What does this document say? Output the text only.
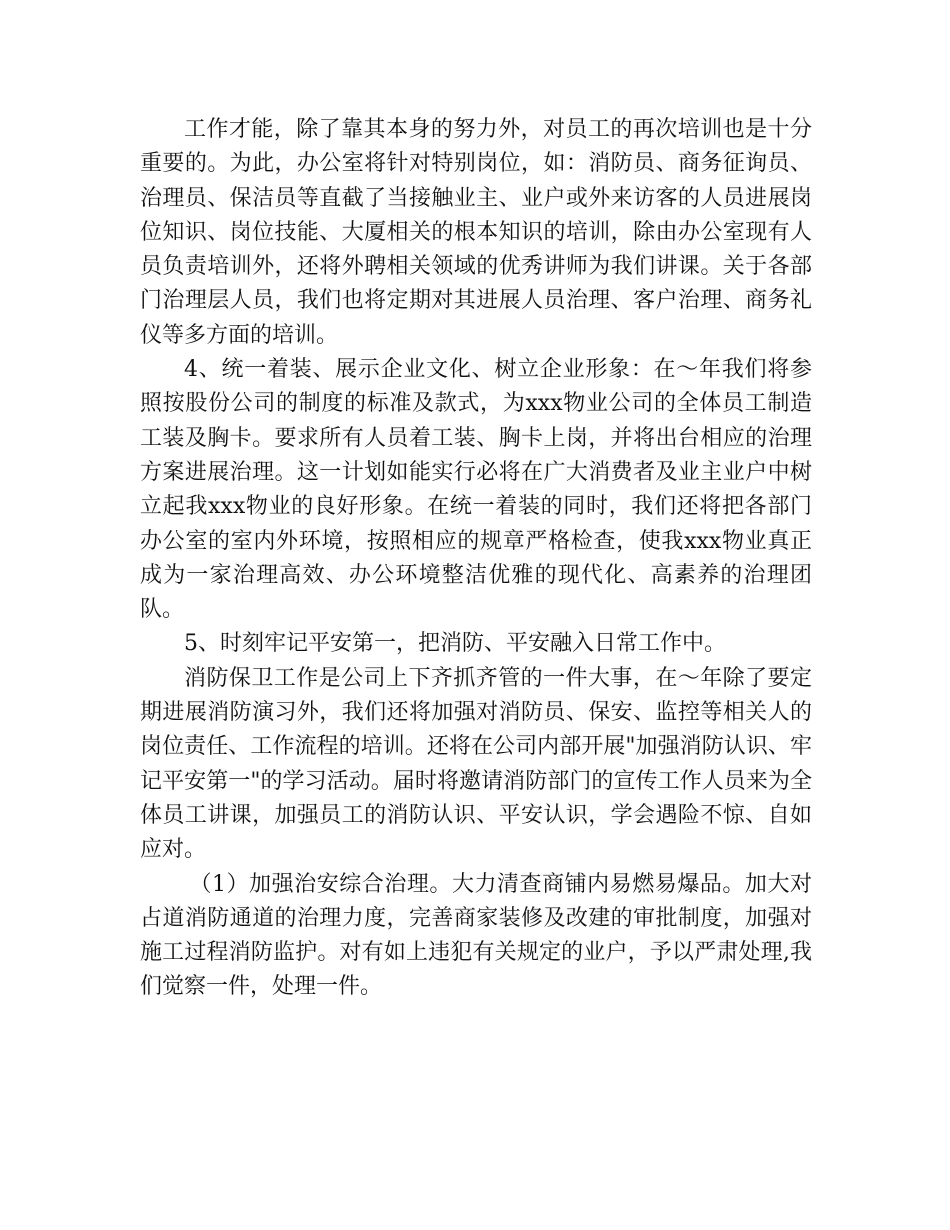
工作才能，除了靠其本身的努力外，对员工的再次培训也是十分重要的。为此，办公室将针对特别岗位，如：消防员、商务征询员、治理员、保洁员等直截了当接触业主、业户或外来访客的人员进展岗位知识、岗位技能、大厦相关的根本知识的培训，除由办公室现有人员负责培训外，还将外聘相关领域的优秀讲师为我们讲课。关于各部门治理层人员，我们也将定期对其进展人员治理、客户治理、商务礼仪等多方面的培训。

4、统一着装、展示企业文化、树立企业形象：在～年我们将参照按股份公司的制度的标准及款式，为xxx物业公司的全体员工制造工装及胸卡。要求所有人员着工装、胸卡上岗，并将出台相应的治理方案进展治理。这一计划如能实行必将在广大消费者及业主业户中树立起我xxx物业的良好形象。在统一着装的同时，我们还将把各部门办公室的室内外环境，按照相应的规章严格检查，使我xxx物业真正成为一家治理高效、办公环境整洁优雅的现代化、高素养的治理团队。

5、时刻牢记平安第一，把消防、平安融入日常工作中。

消防保卫工作是公司上下齐抓齐管的一件大事，在～年除了要定期进展消防演习外，我们还将加强对消防员、保安、监控等相关人的岗位责任、工作流程的培训。还将在公司内部开展"加强消防认识、牢记平安第一"的学习活动。届时将邀请消防部门的宣传工作人员来为全体员工讲课，加强员工的消防认识、平安认识，学会遇险不惊、自如应对。

（1）加强治安综合治理。大力清查商铺内易燃易爆品。加大对占道消防通道的治理力度，完善商家装修及改建的审批制度，加强对施工过程消防监护。对有如上违犯有关规定的业户，予以严肃处理,我们觉察一件，处理一件。
